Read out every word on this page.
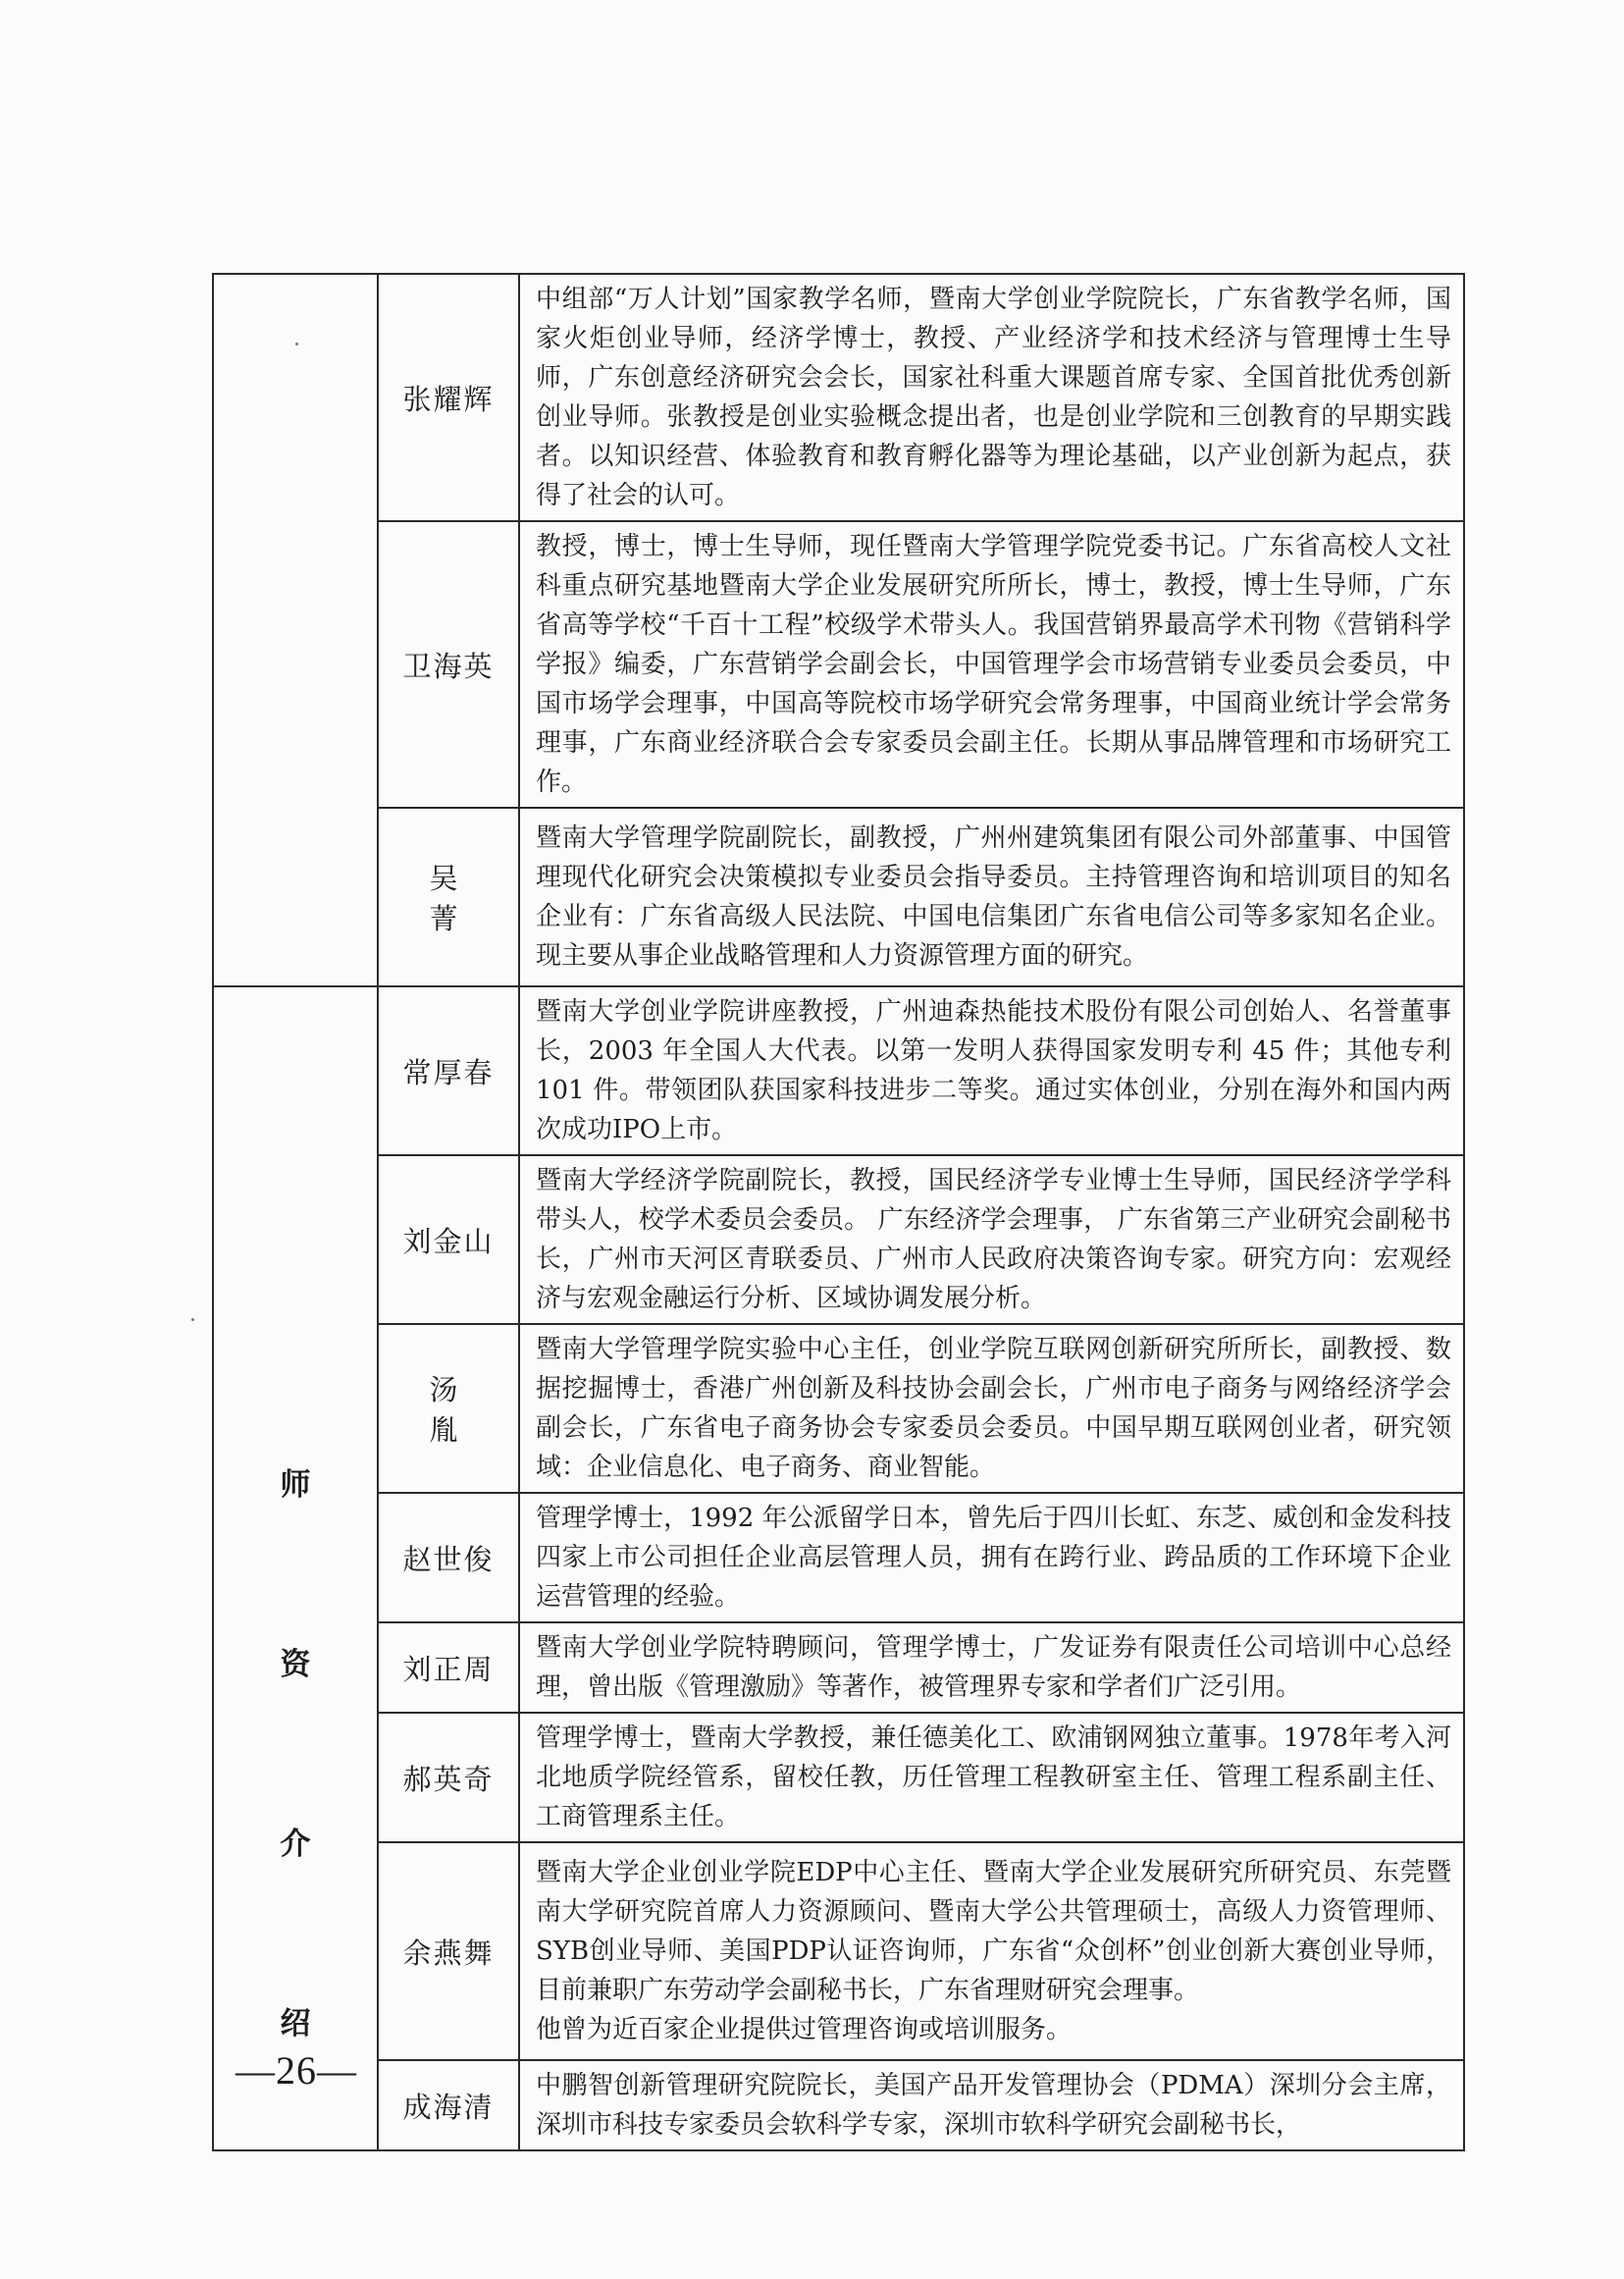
	张耀辉	中组部“万人计划”国家教学名师，暨南大学创业学院院长，广东省教学名师，国家火炬创业导师，经济学博士，教授、产业经济学和技术经济与管理博士生导师，广东创意经济研究会会长，国家社科重大课题首席专家、全国首批优秀创新创业导师。张教授是创业实验概念提出者，也是创业学院和三创教育的早期实践者。以知识经营、体验教育和教育孵化器等为理论基础，以产业创新为起点，获得了社会的认可。

	卫海英	教授，博士，博士生导师，现任暨南大学管理学院党委书记。广东省高校人文社科重点研究基地暨南大学企业发展研究所所长，博士，教授，博士生导师，广东省高等学校“千百十工程”校级学术带头人。我国营销界最高学术刊物《营销科学学报》编委，广东营销学会副会长，中国管理学会市场营销专业委员会委员，中国市场学会理事，中国高等院校市场学研究会常务理事，中国商业统计学会常务理事，广东商业经济联合会专家委员会副主任。长期从事品牌管理和市场研究工作。

	吴　菁	暨南大学管理学院副院长，副教授，广州州建筑集团有限公司外部董事、中国管理现代化研究会决策模拟专业委员会指导委员。主持管理咨询和培训项目的知名企业有：广东省高级人民法院、中国电信集团广东省电信公司等多家知名企业。现主要从事企业战略管理和人力资源管理方面的研究。

师
资
介
绍	常厚春	暨南大学创业学院讲座教授，广州迪森热能技术股份有限公司创始人、名誉董事长，2003 年全国人大代表。以第一发明人获得国家发明专利 45 件；其他专利 101 件。带领团队获国家科技进步二等奖。通过实体创业，分别在海外和国内两次成功IPO上市。

	刘金山	暨南大学经济学院副院长，教授，国民经济学专业博士生导师，国民经济学学科带头人，校学术委员会委员。 广东经济学会理事， 广东省第三产业研究会副秘书长，广州市天河区青联委员、广州市人民政府决策咨询专家。研究方向：宏观经济与宏观金融运行分析、区域协调发展分析。

	汤　胤	暨南大学管理学院实验中心主任，创业学院互联网创新研究所所长，副教授、数据挖掘博士，香港广州创新及科技协会副会长，广州市电子商务与网络经济学会副会长，广东省电子商务协会专家委员会委员。中国早期互联网创业者，研究领域：企业信息化、电子商务、商业智能。

	赵世俊	管理学博士，1992 年公派留学日本，曾先后于四川长虹、东芝、威创和金发科技四家上市公司担任企业高层管理人员，拥有在跨行业、跨品质的工作环境下企业运营管理的经验。

	刘正周	暨南大学创业学院特聘顾问，管理学博士，广发证券有限责任公司培训中心总经理，曾出版《管理激励》等著作，被管理界专家和学者们广泛引用。

	郝英奇	管理学博士，暨南大学教授，兼任德美化工、欧浦钢网独立董事。1978年考入河北地质学院经管系，留校任教，历任管理工程教研室主任、管理工程系副主任、工商管理系主任。

	余燕舞	暨南大学企业创业学院EDP中心主任、暨南大学企业发展研究所研究员、东莞暨南大学研究院首席人力资源顾问、暨南大学公共管理硕士，高级人力资管理师、SYB创业导师、美国PDP认证咨询师，广东省“众创杯”创业创新大赛创业导师，目前兼职广东劳动学会副秘书长，广东省理财研究会理事。

他曾为近百家企业提供过管理咨询或培训服务。

	成海清	中鹏智创新管理研究院院长，美国产品开发管理协会（PDMA）深圳分会主席，深圳市科技专家委员会软科学专家，深圳市软科学研究会副秘书长，

—26—
